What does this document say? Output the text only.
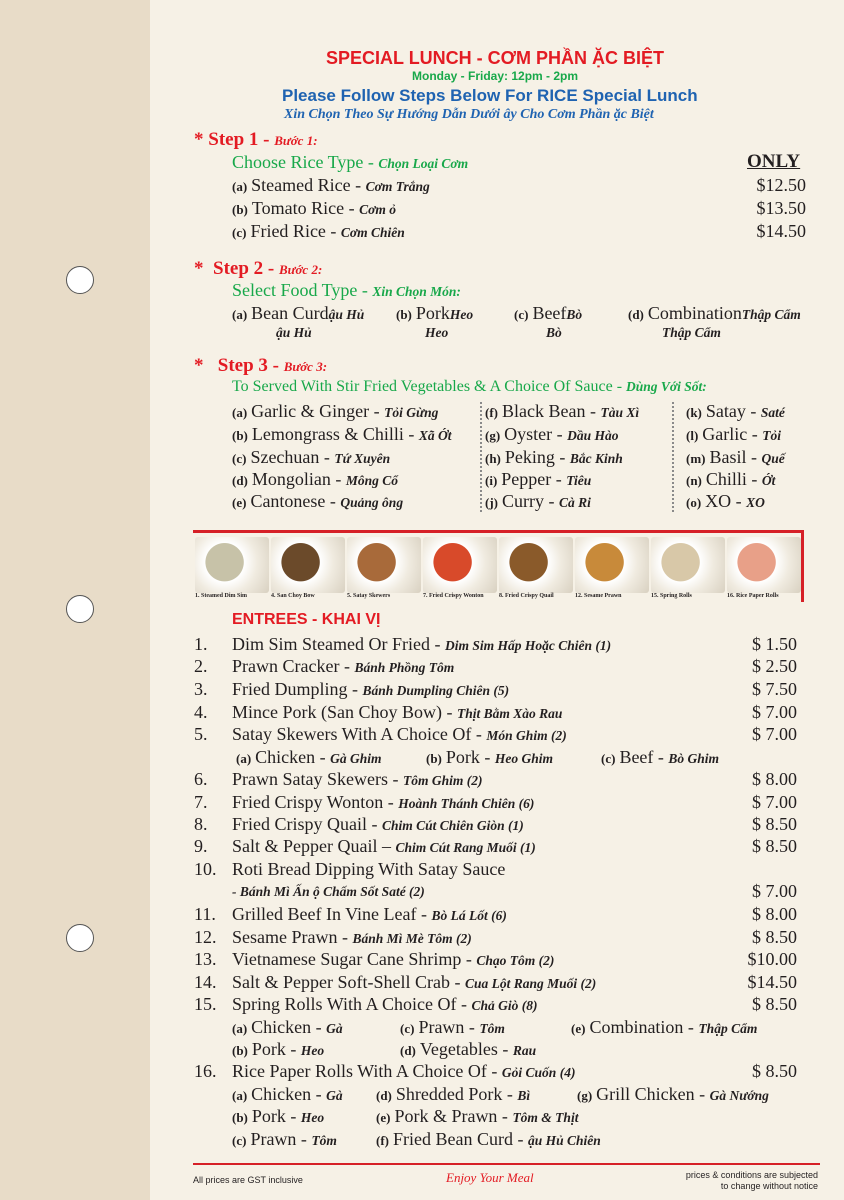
SPECIAL LUNCH - CƠM PHẦN ẶC BIỆT
Monday - Friday: 12pm - 2pm
Please Follow Steps Below For RICE Special Lunch
Xin Chọn Theo Sự Hướng Dẫn Dưới ây Cho Cơm Phần ặc Biệt
* Step 1 - Bước 1:
Choose Rice Type - Chọn Loại Cơm	ONLY
(a) Steamed Rice - Cơm Trắng	$12.50
(b) Tomato Rice - Cơm ỏ	$13.50
(c) Fried Rice - Cơm Chiên	$14.50
* Step 2 - Bước 2:
Select Food Type - Xin Chọn Món:
(a) Bean Curdậu Hủ
ậu Hủ
(b) PorkHeo
Heo
(c) BeefBò
Bò
(d) CombinationThập Cẩm
Thập Cẩm
* Step 3 - Bước 3:
To Served With Stir Fried Vegetables & A Choice Of Sauce - Dùng Với Sốt:
(a) Garlic & Ginger - Tỏi Gừng
(b) Lemongrass & Chilli - Xã Ớt
(c) Szechuan - Tứ Xuyên
(d) Mongolian - Mông Cổ
(e) Cantonese - Quảng ông
(f) Black Bean - Tàu Xì
(g) Oyster - Dầu Hào
(h) Peking - Bắc Kinh
(i) Pepper - Tiêu
(j) Curry - Cà Ri
(k) Satay - Saté
(l) Garlic - Tỏi
(m) Basil - Quế
(n) Chilli - Ớt
(o) XO - XO
1. Steamed Dim Sim	4. San Choy Bow	5. Satay Skewers	7. Fried Crispy Wonton	8. Fried Crispy Quail	12. Sesame Prawn	15. Spring Rolls	16. Rice Paper Rolls
ENTREES - KHAI VỊ
1. Dim Sim Steamed Or Fried - Dim Sim Hấp Hoặc Chiên (1)	$ 1.50
2. Prawn Cracker - Bánh Phồng Tôm	$ 2.50
3. Fried Dumpling - Bánh Dumpling Chiên (5)	$ 7.50
4. Mince Pork (San Choy Bow) - Thịt Bằm Xào Rau	$ 7.00
5. Satay Skewers With A Choice Of - Món Ghim (2)	$ 7.00
(a) Chicken - Gà Ghim	(b) Pork - Heo Ghim	(c) Beef - Bò Ghim
6. Prawn Satay Skewers - Tôm Ghim (2)	$ 8.00
7. Fried Crispy Wonton - Hoành Thánh Chiên (6)	$ 7.00
8. Fried Crispy Quail - Chim Cút Chiên Giòn (1)	$ 8.50
9. Salt & Pepper Quail – Chim Cút Rang Muối (1)	$ 8.50
10. Roti Bread Dipping With Satay Sauce
- Bánh Mì Ấn ộ Chấm Sốt Saté (2)	$ 7.00
11. Grilled Beef In Vine Leaf - Bò Lá Lốt (6)	$ 8.00
12. Sesame Prawn - Bánh Mì Mè Tôm (2)	$ 8.50
13. Vietnamese Sugar Cane Shrimp - Chạo Tôm (2)	$10.00
14. Salt & Pepper Soft-Shell Crab - Cua Lột Rang Muối (2)	$14.50
15. Spring Rolls With A Choice Of - Chả Giò (8)	$ 8.50
(a) Chicken - Gà	(c) Prawn - Tôm	(e) Combination - Thập Cẩm
(b) Pork - Heo	(d) Vegetables - Rau
16. Rice Paper Rolls With A Choice Of - Gỏi Cuốn (4)	$ 8.50
(a) Chicken - Gà	(d) Shredded Pork - Bì	(g) Grill Chicken - Gà Nướng
(b) Pork - Heo	(e) Pork & Prawn - Tôm & Thịt
(c) Prawn - Tôm	(f) Fried Bean Curd - ậu Hủ Chiên
All prices are GST inclusive	Enjoy Your Meal	prices & conditions are subjected
to change without notice
